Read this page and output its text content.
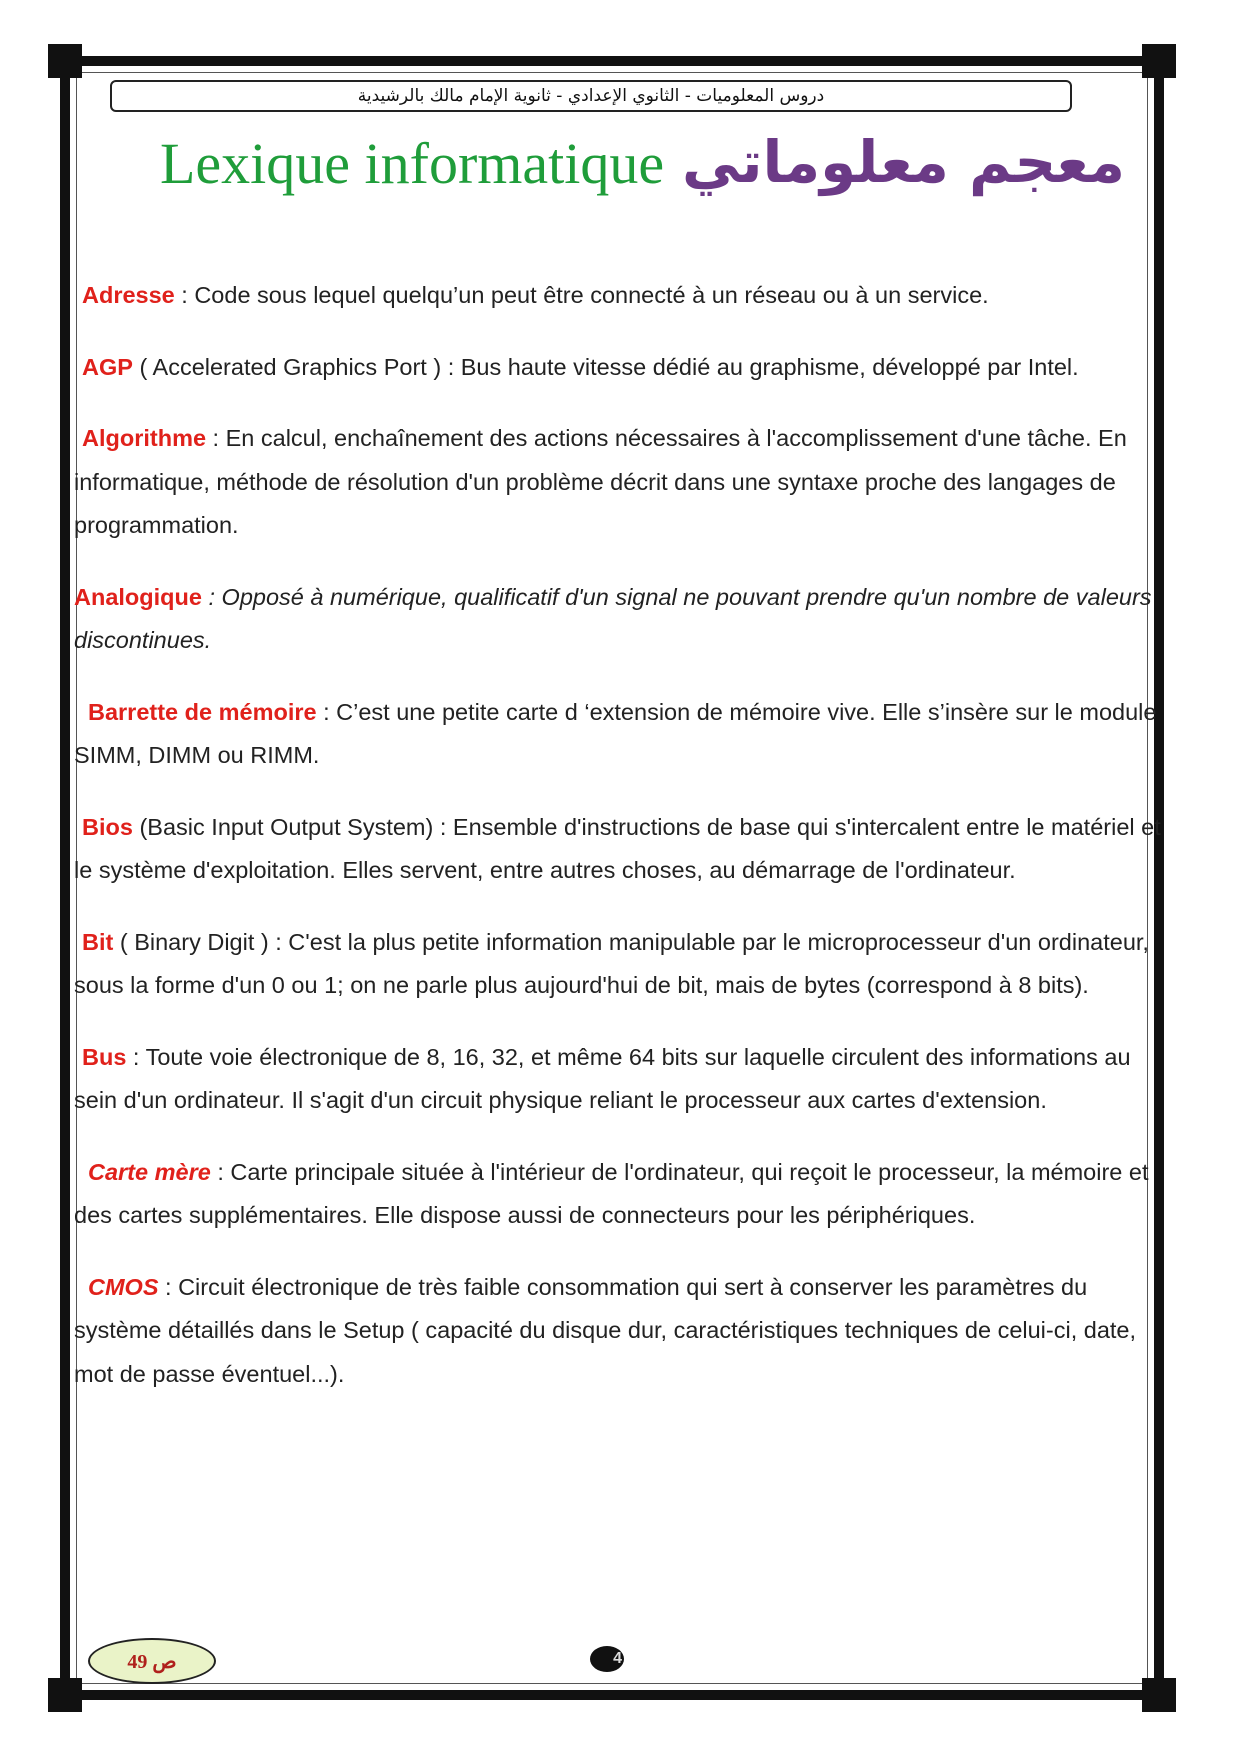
دروس المعلوميات - الثانوي الإعدادي - ثانوية الإمام مالك بالرشيدية
Lexique informatique معجم معلوماتي

Adresse : Code sous lequel quelqu’un peut être connecté à un réseau ou à un service.

AGP ( Accelerated Graphics Port ) : Bus haute vitesse dédié au graphisme, développé par Intel.

Algorithme : En calcul, enchaînement des actions nécessaires à l'accomplissement d'une tâche. En informatique, méthode de résolution d'un problème décrit dans une syntaxe proche des langages de programmation.

Analogique : Opposé à numérique, qualificatif d'un signal ne pouvant prendre qu'un nombre de valeurs discontinues.

Barrette de mémoire : C’est une petite carte d ‘extension de mémoire vive. Elle s’insère sur le module SIMM, DIMM ou RIMM.

Bios (Basic Input Output System) : Ensemble d'instructions de base qui s'intercalent entre le matériel et le système d'exploitation. Elles servent, entre autres choses, au démarrage de l'ordinateur.

Bit ( Binary Digit ) : C'est la plus petite information manipulable par le microprocesseur d'un ordinateur, sous la forme d'un 0 ou 1; on ne parle plus aujourd'hui de bit, mais de bytes (correspond à 8 bits).

Bus : Toute voie électronique de 8, 16, 32, et même 64 bits sur laquelle circulent des informations au sein d'un ordinateur. Il s'agit d'un circuit physique reliant le processeur aux cartes d'extension.

Carte mère : Carte principale située à l'intérieur de l'ordinateur, qui reçoit le processeur, la mémoire et des cartes supplémentaires. Elle dispose aussi de connecteurs pour les périphériques.

CMOS : Circuit électronique de très faible consommation qui sert à conserver les paramètres du système détaillés dans le Setup ( capacité du disque dur, caractéristiques techniques de celui-ci, date, mot de passe éventuel...).

ص 49	4
